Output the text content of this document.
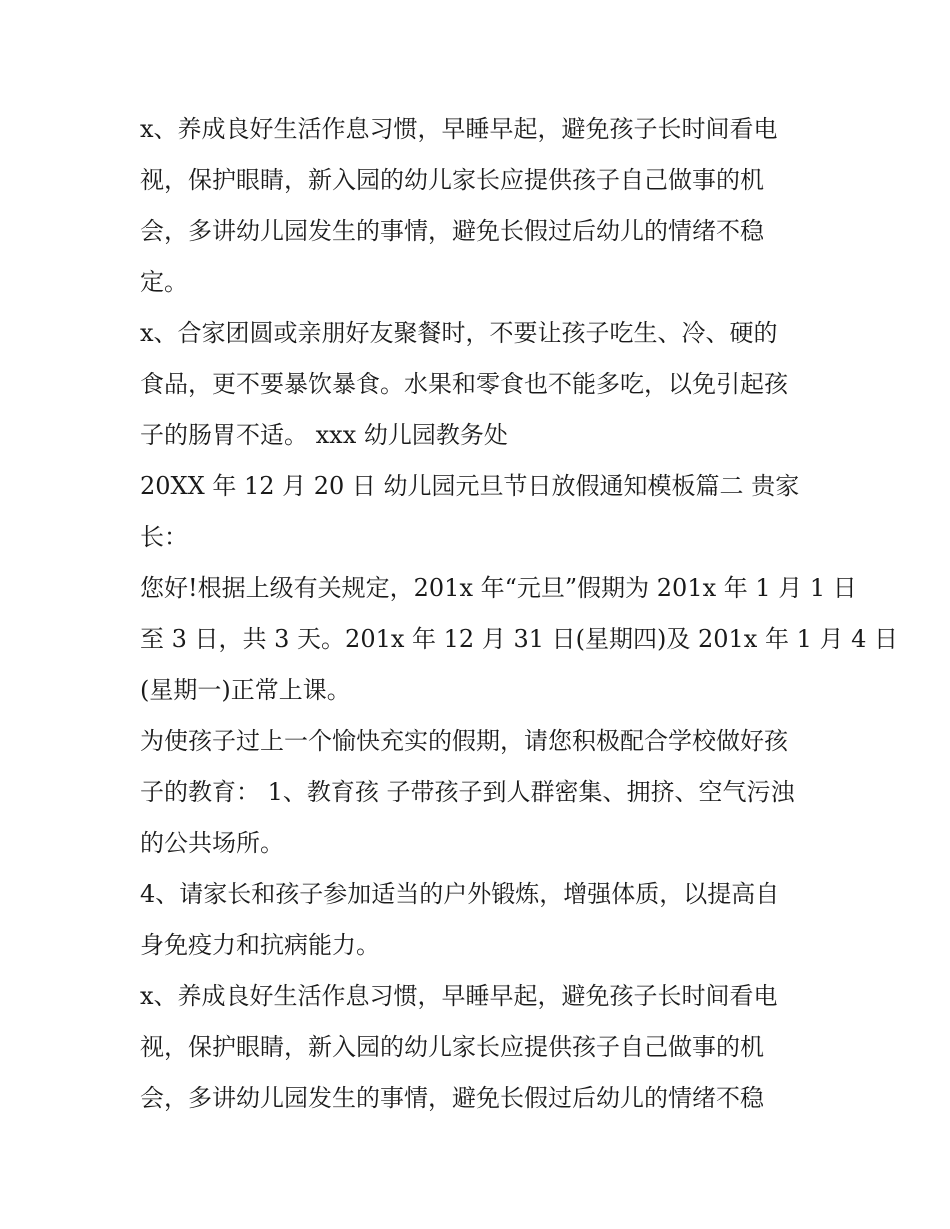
x、养成良好生活作息习惯，早睡早起，避免孩子长时间看电
视，保护眼睛，新入园的幼儿家长应提供孩子自己做事的机
会，多讲幼儿园发生的事情，避免长假过后幼儿的情绪不稳
定。
x、合家团圆或亲朋好友聚餐时，不要让孩子吃生、冷、硬的
食品，更不要暴饮暴食。水果和零食也不能多吃，以免引起孩
子的肠胃不适。 xxx 幼儿园教务处
20XX 年 12 月 20 日 幼儿园元旦节日放假通知模板篇二 贵家
长：
您好!根据上级有关规定，201x 年“元旦”假期为 201x 年 1 月 1 日
至 3 日，共 3 天。201x 年 12 月 31 日(星期四)及 201x 年 1 月 4 日
(星期一)正常上课。
为使孩子过上一个愉快充实的假期，请您积极配合学校做好孩
子的教育： 1、教育孩 子带孩子到人群密集、拥挤、空气污浊
的公共场所。
4、请家长和孩子参加适当的户外锻炼，增强体质，以提高自
身免疫力和抗病能力。
x、养成良好生活作息习惯，早睡早起，避免孩子长时间看电
视，保护眼睛，新入园的幼儿家长应提供孩子自己做事的机
会，多讲幼儿园发生的事情，避免长假过后幼儿的情绪不稳
